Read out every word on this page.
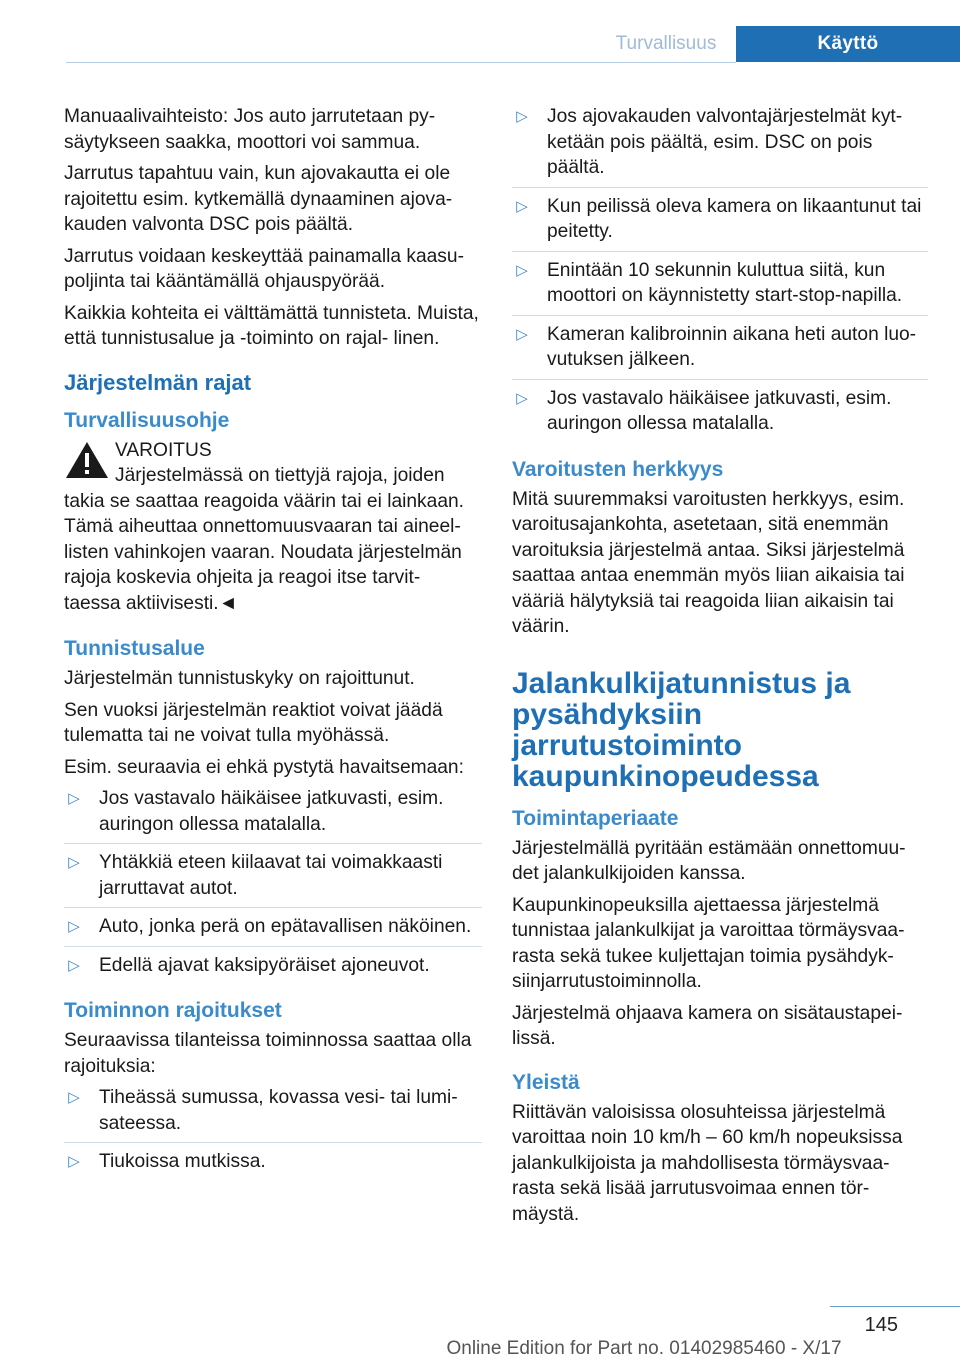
Turvallisuus	Käyttö

Manuaalivaihteisto: Jos auto jarrutetaan py‐ säytykseen saakka, moottori voi sammua.

Jarrutus tapahtuu vain, kun ajovakautta ei ole rajoitettu esim. kytkemällä dynaaminen ajova‐ kauden valvonta DSC pois päältä.

Jarrutus voidaan keskeyttää painamalla kaasu‐ poljinta tai kääntämällä ohjauspyörää.

Kaikkia kohteita ei välttämättä tunnisteta. Muista, että tunnistusalue ja -toiminto on rajal‐ linen.

Järjestelmän rajat
Turvallisuusohje
VAROITUS
Järjestelmässä on tiettyjä rajoja, joiden

takia se saattaa reagoida väärin tai ei lainkaan. Tämä aiheuttaa onnettomuusvaaran tai aineel‐ listen vahinkojen vaaran. Noudata järjestelmän rajoja koskevia ohjeita ja reagoi itse tarvit‐ taessa aktiivisesti.◄

Tunnistusalue

Järjestelmän tunnistuskyky on rajoittunut.

Sen vuoksi järjestelmän reaktiot voivat jäädä tulematta tai ne voivat tulla myöhässä.

Esim. seuraavia ei ehkä pystytä havaitsemaan:

▷ Jos vastavalo häikäisee jatkuvasti, esim. auringon ollessa matalalla.
▷ Yhtäkkiä eteen kiilaavat tai voimakkaasti jarruttavat autot.
▷ Auto, jonka perä on epätavallisen näköinen.
▷ Edellä ajavat kaksipyöräiset ajoneuvot.
Toiminnon rajoitukset

Seuraavissa tilanteissa toiminnossa saattaa olla rajoituksia:

▷ Tiheässä sumussa, kovassa vesi- tai lumi‐ sateessa.
▷ Tiukoissa mutkissa.
▷ Jos ajovakauden valvontajärjestelmät kyt‐ ketään pois päältä, esim. DSC on pois päältä.
▷ Kun peilissä oleva kamera on likaantunut tai peitetty.
▷ Enintään 10 sekunnin kuluttua siitä, kun moottori on käynnistetty start-stop-napilla.
▷ Kameran kalibroinnin aikana heti auton luo‐ vutuksen jälkeen.
▷ Jos vastavalo häikäisee jatkuvasti, esim. auringon ollessa matalalla.
Varoitusten herkkyys

Mitä suuremmaksi varoitusten herkkyys, esim. varoitusajankohta, asetetaan, sitä enemmän varoituksia järjestelmä antaa. Siksi järjestelmä saattaa antaa enemmän myös liian aikaisia tai vääriä hälytyksiä tai reagoida liian aikaisin tai väärin.

Jalankulkijatunnistus ja pysähdyksiin jarrutustoiminto kaupunkinopeudessa
Toimintaperiaate

Järjestelmällä pyritään estämään onnettomuu‐ det jalankulkijoiden kanssa.

Kaupunkinopeuksilla ajettaessa järjestelmä tunnistaa jalankulkijat ja varoittaa törmäysvaa‐ rasta sekä tukee kuljettajan toimia pysähdyk‐ siinjarrutustoiminnolla.

Järjestelmä ohjaava kamera on sisätaustapei‐ lissä.

Yleistä

Riittävän valoisissa olosuhteissa järjestelmä varoittaa noin 10 km/h – 60 km/h nopeuksissa jalankulkijoista ja mahdollisesta törmäysvaa‐ rasta sekä lisää jarrutusvoimaa ennen tör‐ mäystä.

145
Online Edition for Part no. 01402985460 - X/17
